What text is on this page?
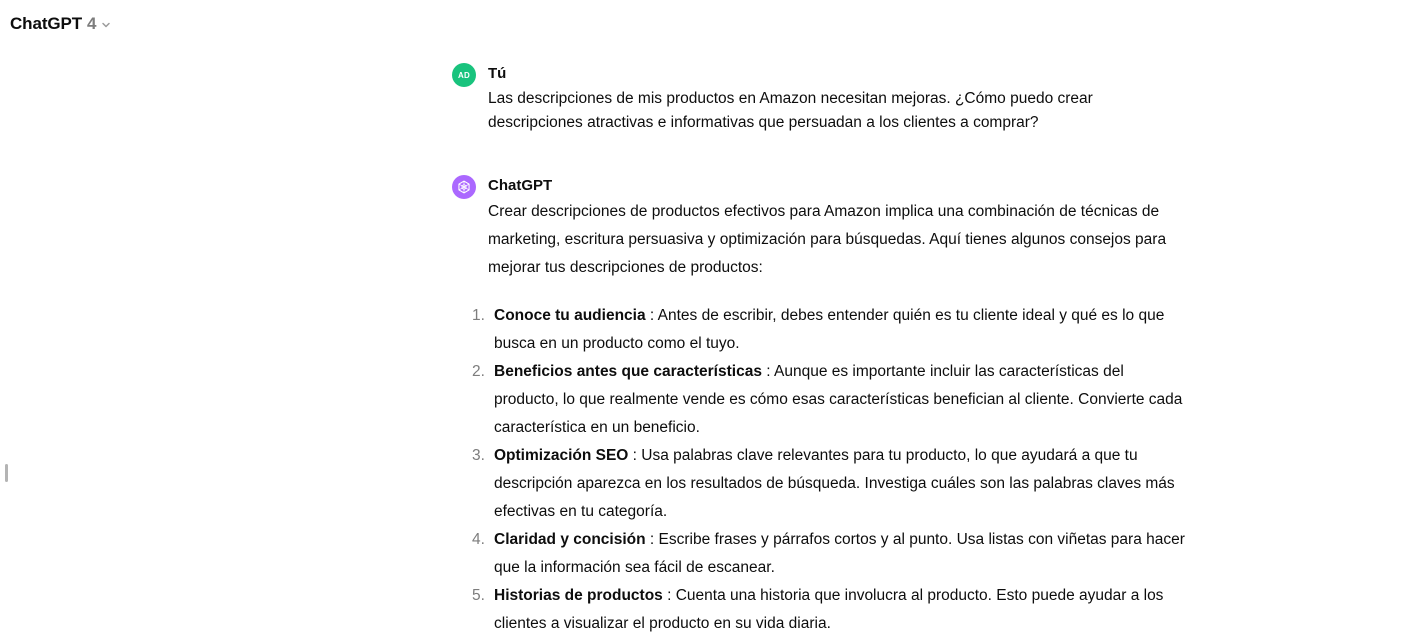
ChatGPT 4
AD Tú
Las descripciones de mis productos en Amazon necesitan mejoras. ¿Cómo puedo crear descripciones atractivas e informativas que persuadan a los clientes a comprar?
ChatGPT

Crear descripciones de productos efectivos para Amazon implica una combinación de técnicas de marketing, escritura persuasiva y optimización para búsquedas. Aquí tienes algunos consejos para mejorar tus descripciones de productos:

1. Conoce tu audiencia : Antes de escribir, debes entender quién es tu cliente ideal y qué es lo que busca en un producto como el tuyo.
2. Beneficios antes que características : Aunque es importante incluir las características del producto, lo que realmente vende es cómo esas características benefician al cliente. Convierte cada característica en un beneficio.
3. Optimización SEO : Usa palabras clave relevantes para tu producto, lo que ayudará a que tu descripción aparezca en los resultados de búsqueda. Investiga cuáles son las palabras claves más efectivas en tu categoría.
4. Claridad y concisión : Escribe frases y párrafos cortos y al punto. Usa listas con viñetas para hacer que la información sea fácil de escanear.
5. Historias de productos : Cuenta una historia que involucra al producto. Esto puede ayudar a los clientes a visualizar el producto en su vida diaria.
